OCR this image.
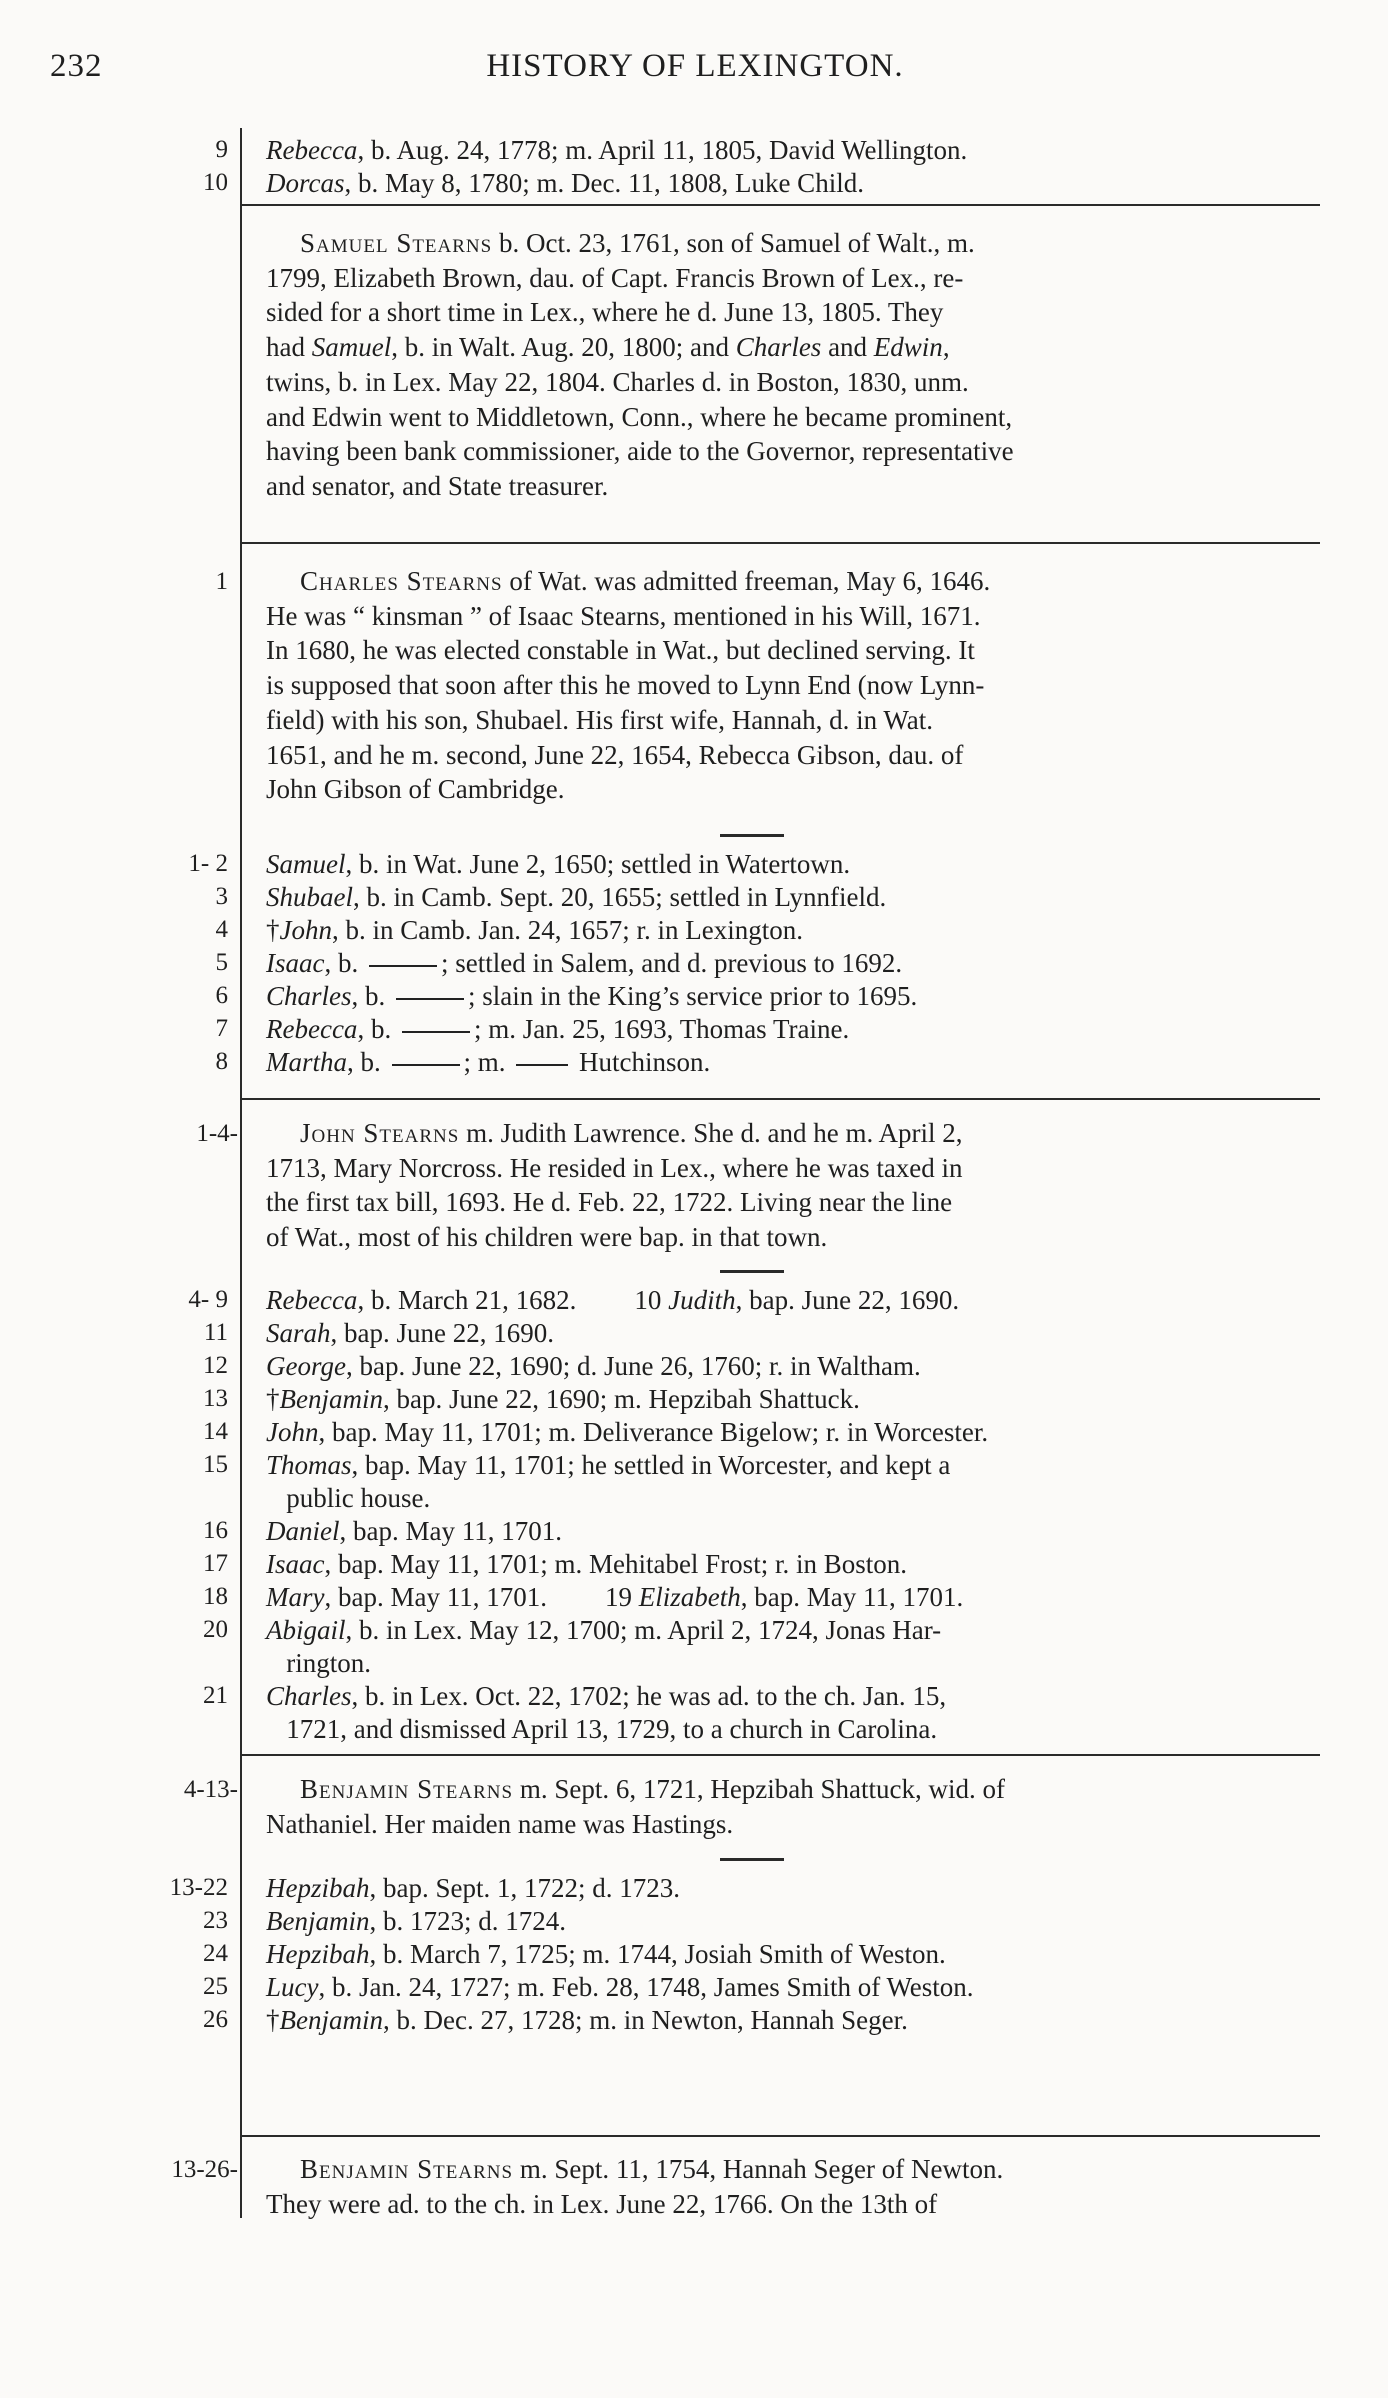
232	HISTORY OF LEXINGTON.
9 Rebecca, b. Aug. 24, 1778; m. April 11, 1805, David Wellington.
10 Dorcas, b. May 8, 1780; m. Dec. 11, 1808, Luke Child.
Samuel Stearns b. Oct. 23, 1761, son of Samuel of Walt., m.
1799, Elizabeth Brown, dau. of Capt. Francis Brown of Lex., re-
sided for a short time in Lex., where he d. June 13, 1805. They
had Samuel, b. in Walt. Aug. 20, 1800; and Charles and Edwin,
twins, b. in Lex. May 22, 1804. Charles d. in Boston, 1830, unm.
and Edwin went to Middletown, Conn., where he became prominent,
having been bank commissioner, aide to the Governor, representative
and senator, and State treasurer.
1	Charles Stearns of Wat. was admitted freeman, May 6, 1646.
He was “ kinsman ” of Isaac Stearns, mentioned in his Will, 1671.
In 1680, he was elected constable in Wat., but declined serving. It
is supposed that soon after this he moved to Lynn End (now Lynn-
field) with his son, Shubael. His first wife, Hannah, d. in Wat.
1651, and he m. second, June 22, 1654, Rebecca Gibson, dau. of
John Gibson of Cambridge.
1- 2 Samuel, b. in Wat. June 2, 1650; settled in Watertown.
3 Shubael, b. in Camb. Sept. 20, 1655; settled in Lynnfield.
4 †John, b. in Camb. Jan. 24, 1657; r. in Lexington.
5 Isaac, b.	; settled in Salem, and d. previous to 1692.
6 Charles, b.	; slain in the King’s service prior to 1695.
7 Rebecca, b.	; m. Jan. 25, 1693, Thomas Traine.
8 Martha, b.	; m.	Hutchinson.
1-4-	John Stearns m. Judith Lawrence. She d. and he m. April 2,
1713, Mary Norcross. He resided in Lex., where he was taxed in
the first tax bill, 1693. He d. Feb. 22, 1722. Living near the line
of Wat., most of his children were bap. in that town.
4- 9 Rebecca, b. March 21, 1682. 10 Judith, bap. June 22, 1690.
11 Sarah, bap. June 22, 1690.
12 George, bap. June 22, 1690; d. June 26, 1760; r. in Waltham.
13 †Benjamin, bap. June 22, 1690; m. Hepzibah Shattuck.
14 John, bap. May 11, 1701; m. Deliverance Bigelow; r. in Worcester.
15 Thomas, bap. May 11, 1701; he settled in Worcester, and kept a
public house.
16 Daniel, bap. May 11, 1701.
17 Isaac, bap. May 11, 1701; m. Mehitabel Frost; r. in Boston.
18 Mary, bap. May 11, 1701. 19 Elizabeth, bap. May 11, 1701.
20 Abigail, b. in Lex. May 12, 1700; m. April 2, 1724, Jonas Har-
rington.
21 Charles, b. in Lex. Oct. 22, 1702; he was ad. to the ch. Jan. 15,
1721, and dismissed April 13, 1729, to a church in Carolina.
4-13-	Benjamin Stearns m. Sept. 6, 1721, Hepzibah Shattuck, wid. of
Nathaniel. Her maiden name was Hastings.
13-22 Hepzibah, bap. Sept. 1, 1722; d. 1723.
23 Benjamin, b. 1723; d. 1724.
24 Hepzibah, b. March 7, 1725; m. 1744, Josiah Smith of Weston.
25 Lucy, b. Jan. 24, 1727; m. Feb. 28, 1748, James Smith of Weston.
26 †Benjamin, b. Dec. 27, 1728; m. in Newton, Hannah Seger.
13-26-	Benjamin Stearns m. Sept. 11, 1754, Hannah Seger of Newton.
They were ad. to the ch. in Lex. June 22, 1766. On the 13th of
